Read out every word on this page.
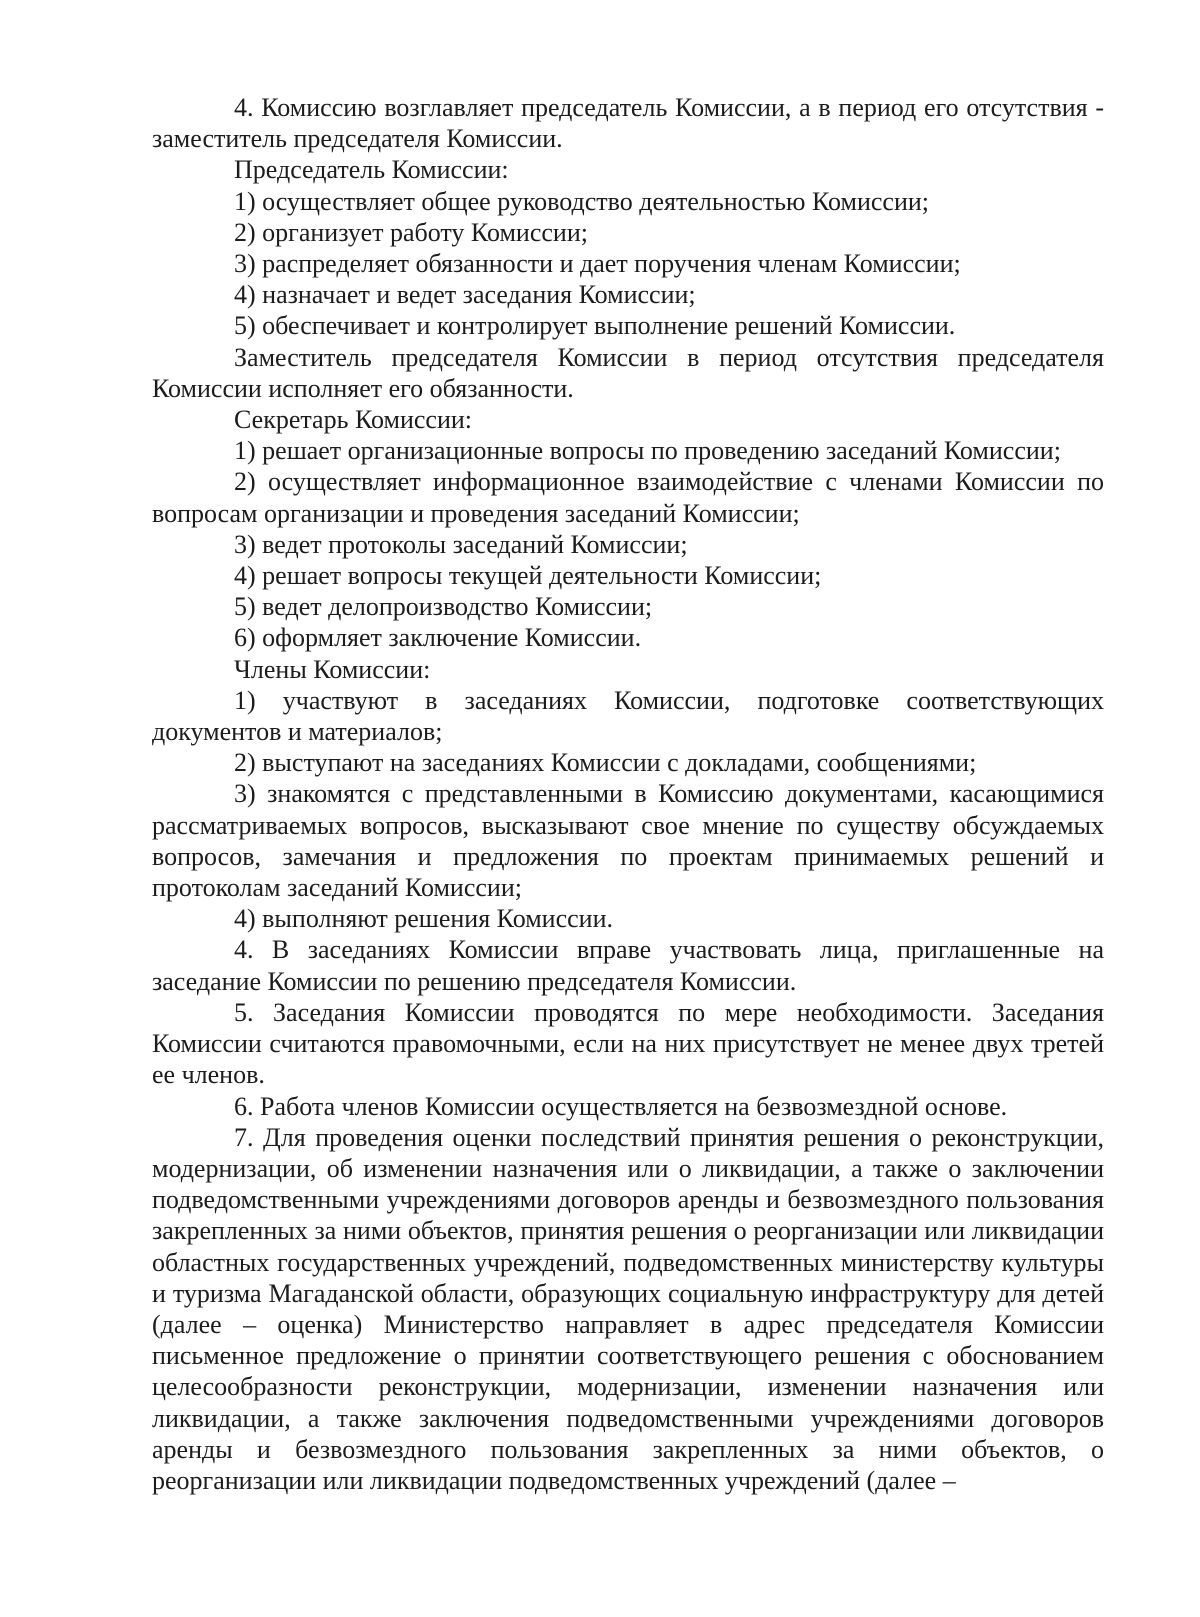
4. Комиссию возглавляет председатель Комиссии, а в период его отсутствия - заместитель председателя Комиссии.

Председатель Комиссии:

1) осуществляет общее руководство деятельностью Комиссии;

2) организует работу Комиссии;

3) распределяет обязанности и дает поручения членам Комиссии;

4) назначает и ведет заседания Комиссии;

5) обеспечивает и контролирует выполнение решений Комиссии.

Заместитель председателя Комиссии в период отсутствия председателя Комиссии исполняет его обязанности.

Секретарь Комиссии:

1) решает организационные вопросы по проведению заседаний Комиссии;

2) осуществляет информационное взаимодействие с членами Комиссии по вопросам организации и проведения заседаний Комиссии;

3) ведет протоколы заседаний Комиссии;

4) решает вопросы текущей деятельности Комиссии;

5) ведет делопроизводство Комиссии;

6) оформляет заключение Комиссии.

Члены Комиссии:

1) участвуют в заседаниях Комиссии, подготовке соответствующих документов и материалов;

2) выступают на заседаниях Комиссии с докладами, сообщениями;

3) знакомятся с представленными в Комиссию документами, касающимися рассматриваемых вопросов, высказывают свое мнение по существу обсуждаемых вопросов, замечания и предложения по проектам принимаемых решений и протоколам заседаний Комиссии;

4) выполняют решения Комиссии.

4. В заседаниях Комиссии вправе участвовать лица, приглашенные на заседание Комиссии по решению председателя Комиссии.

5. Заседания Комиссии проводятся по мере необходимости. Заседания Комиссии считаются правомочными, если на них присутствует не менее двух третей ее членов.

6. Работа членов Комиссии осуществляется на безвозмездной основе.

7. Для проведения оценки последствий принятия решения о реконструкции, модернизации, об изменении назначения или о ликвидации, а также о заключении подведомственными учреждениями договоров аренды и безвозмездного пользования закрепленных за ними объектов, принятия решения о реорганизации или ликвидации областных государственных учреждений, подведомственных министерству культуры и туризма Магаданской области, образующих социальную инфраструктуру для детей (далее – оценка) Министерство направляет в адрес председателя Комиссии письменное предложение о принятии соответствующего решения с обоснованием целесообразности реконструкции, модернизации, изменении назначения или ликвидации, а также заключения подведомственными учреждениями договоров аренды и безвозмездного пользования закрепленных за ними объектов, о реорганизации или ликвидации подведомственных учреждений (далее –
